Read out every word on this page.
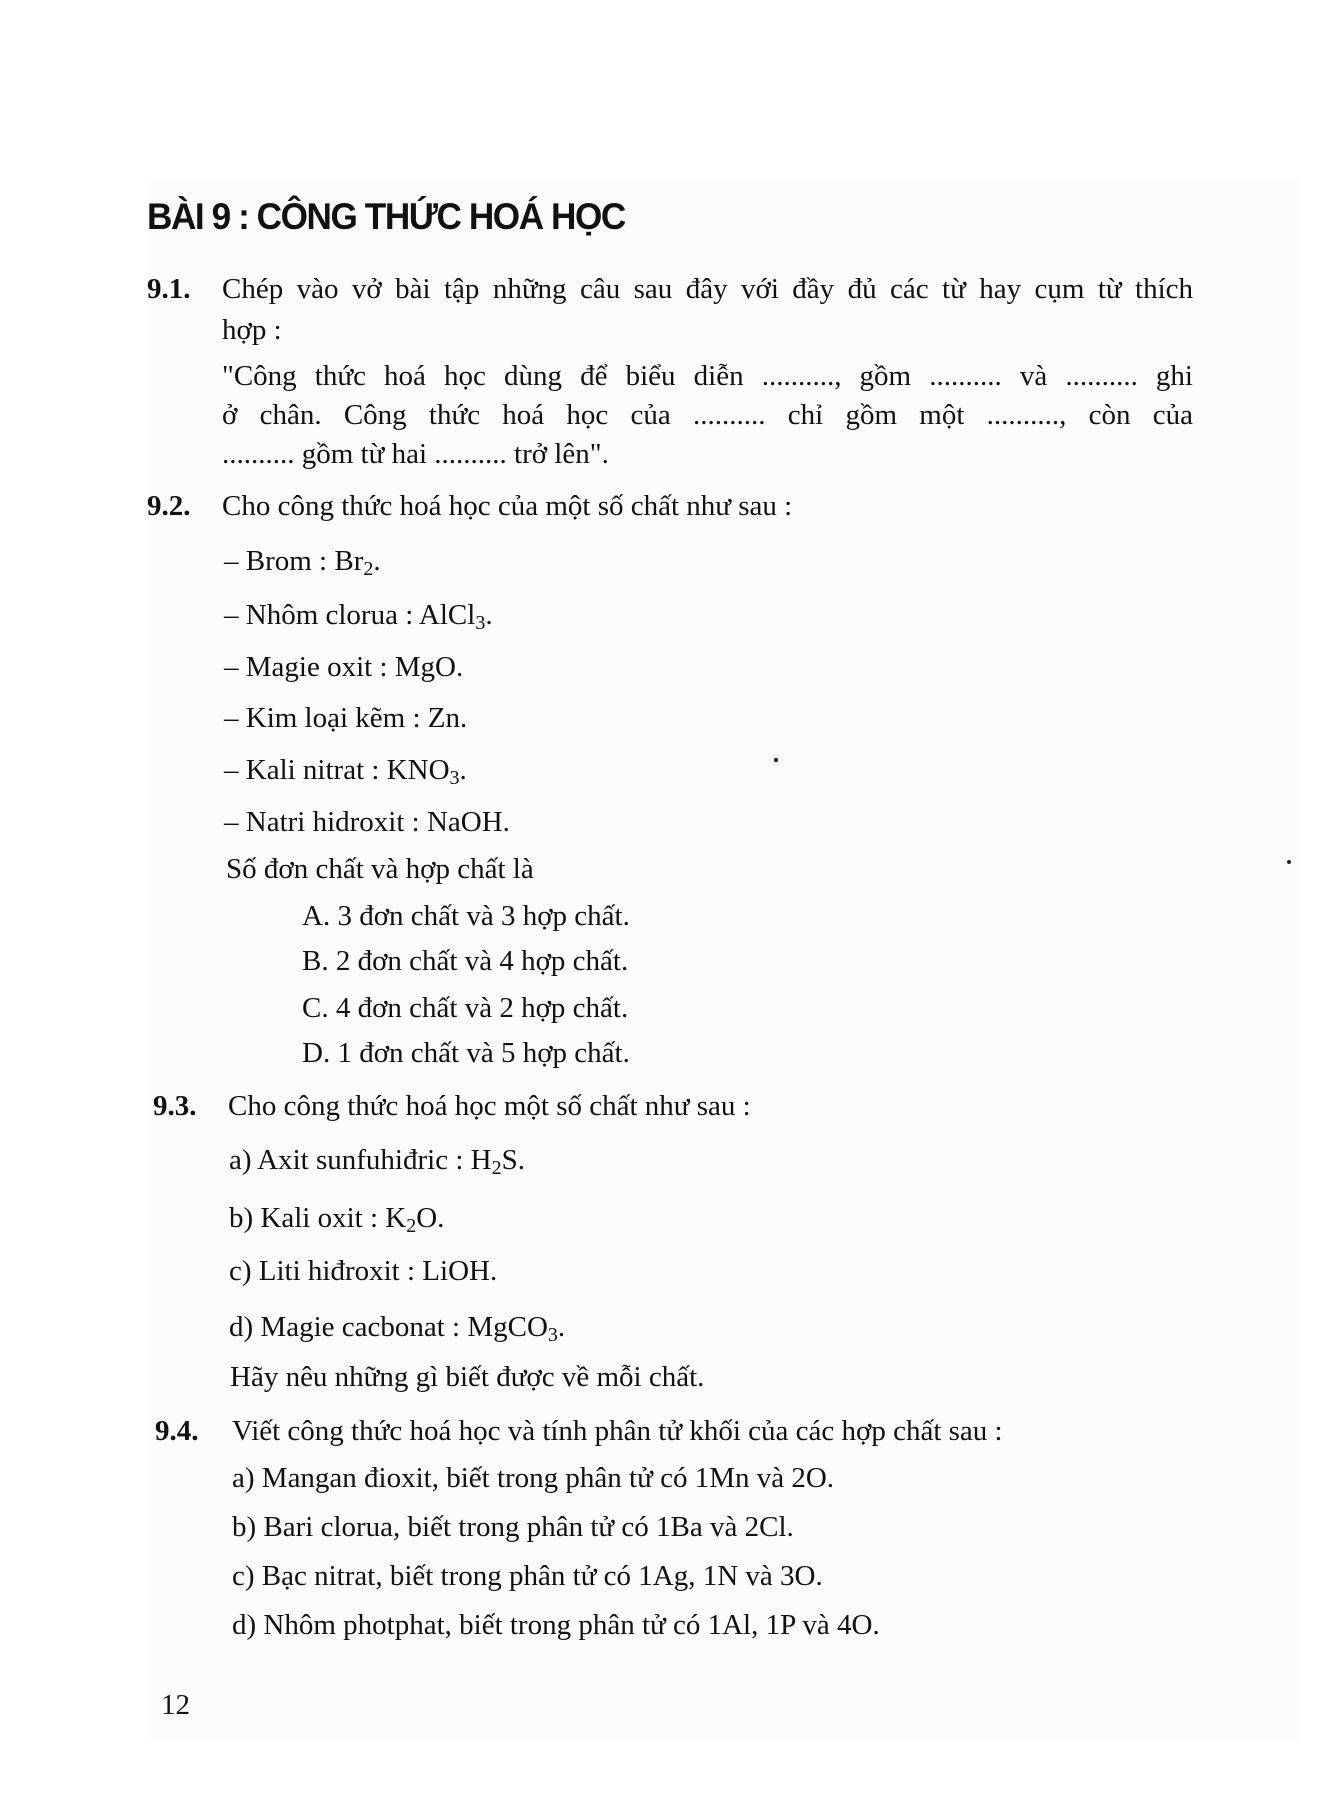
BÀI 9 : CÔNG THỨC HOÁ HỌC
9.1. Chép vào vở bài tập những câu sau đây với đầy đủ các từ hay cụm từ thích
hợp :
"Công thức hoá học dùng để biểu diễn .........., gồm .......... và .......... ghi
ở chân. Công thức hoá học của .......... chỉ gồm một .........., còn của
.......... gồm từ hai .......... trở lên".
9.2. Cho công thức hoá học của một số chất như sau :
– Brom : $Br_2$.
– Nhôm clorua : AlCl$_3$.
– Magie oxit : MgO.
– Kim loại kẽm : Zn.
– Kali nitrat : $KNO_3$.
– Natri hidroxit : NaOH.
Số đơn chất và hợp chất là
A. 3 đơn chất và 3 hợp chất.
B. 2 đơn chất và 4 hợp chất.
C. 4 đơn chất và 2 hợp chất.
D. 1 đơn chất và 5 hợp chất.
9.3. Cho công thức hoá học một số chất như sau :
a) Axit sunfuhiđric : $H_2S$.
b) Kali oxit : $K_2O$.
c) Liti hiđroxit : LiOH.
d) Magie cacbonat : MgCO$_3$.
Hãy nêu những gì biết được về mỗi chất.
9.4. Viết công thức hoá học và tính phân tử khối của các hợp chất sau :
a) Mangan đioxit, biết trong phân tử có 1Mn và 2O.
b) Bari clorua, biết trong phân tử có 1Ba và 2Cl.
c) Bạc nitrat, biết trong phân tử có 1Ag, 1N và 3O.
d) Nhôm photphat, biết trong phân tử có 1Al, 1P và 4O.
12
